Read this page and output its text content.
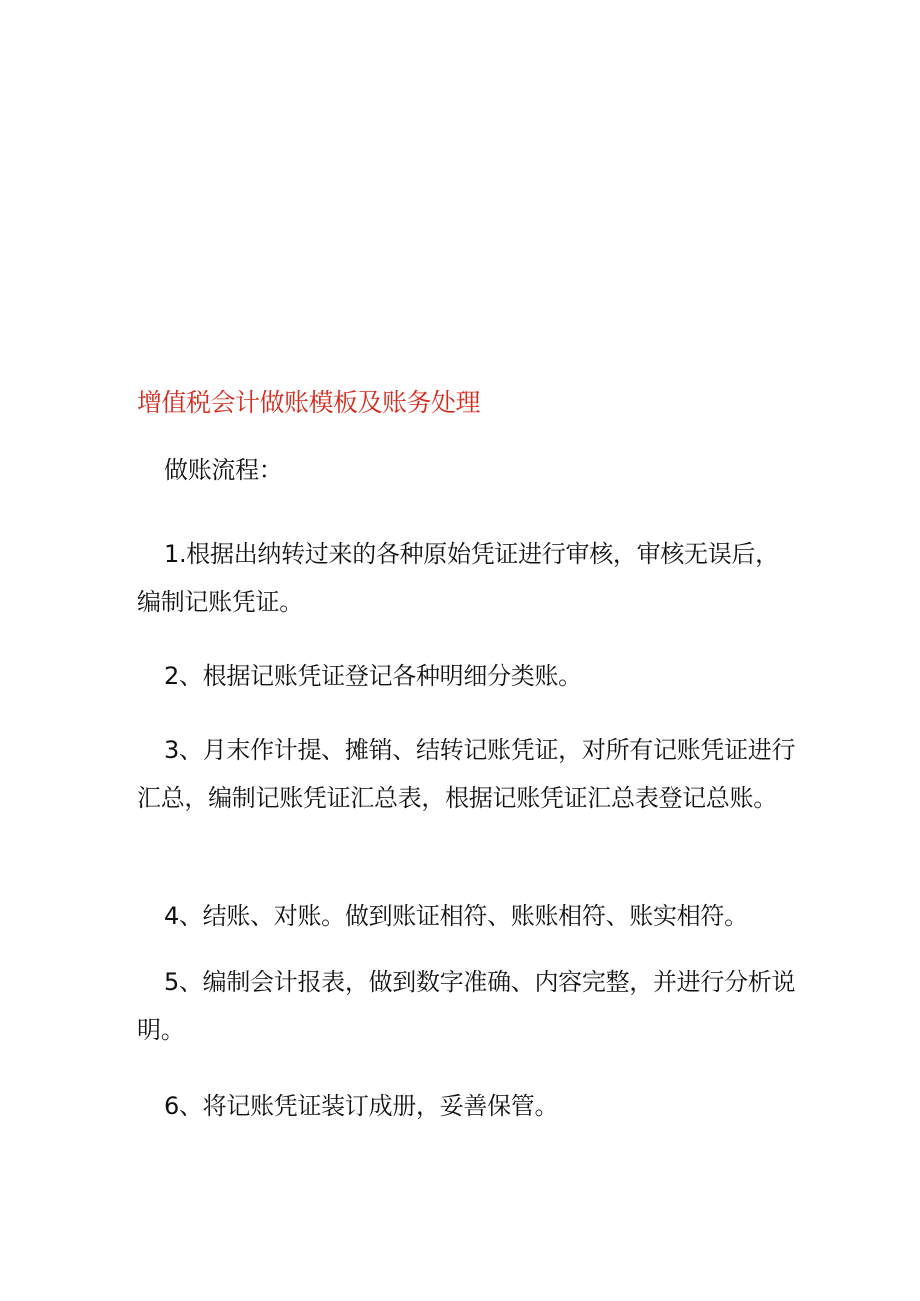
增值税会计做账模板及账务处理
做账流程：
1.根据出纳转过来的各种原始凭证进行审核，审核无误后，编制记账凭证。
2、根据记账凭证登记各种明细分类账。
3、月末作计提、摊销、结转记账凭证，对所有记账凭证进行汇总，编制记账凭证汇总表，根据记账凭证汇总表登记总账。
4、结账、对账。做到账证相符、账账相符、账实相符。
5、编制会计报表，做到数字准确、内容完整，并进行分析说明。
6、将记账凭证装订成册，妥善保管。
